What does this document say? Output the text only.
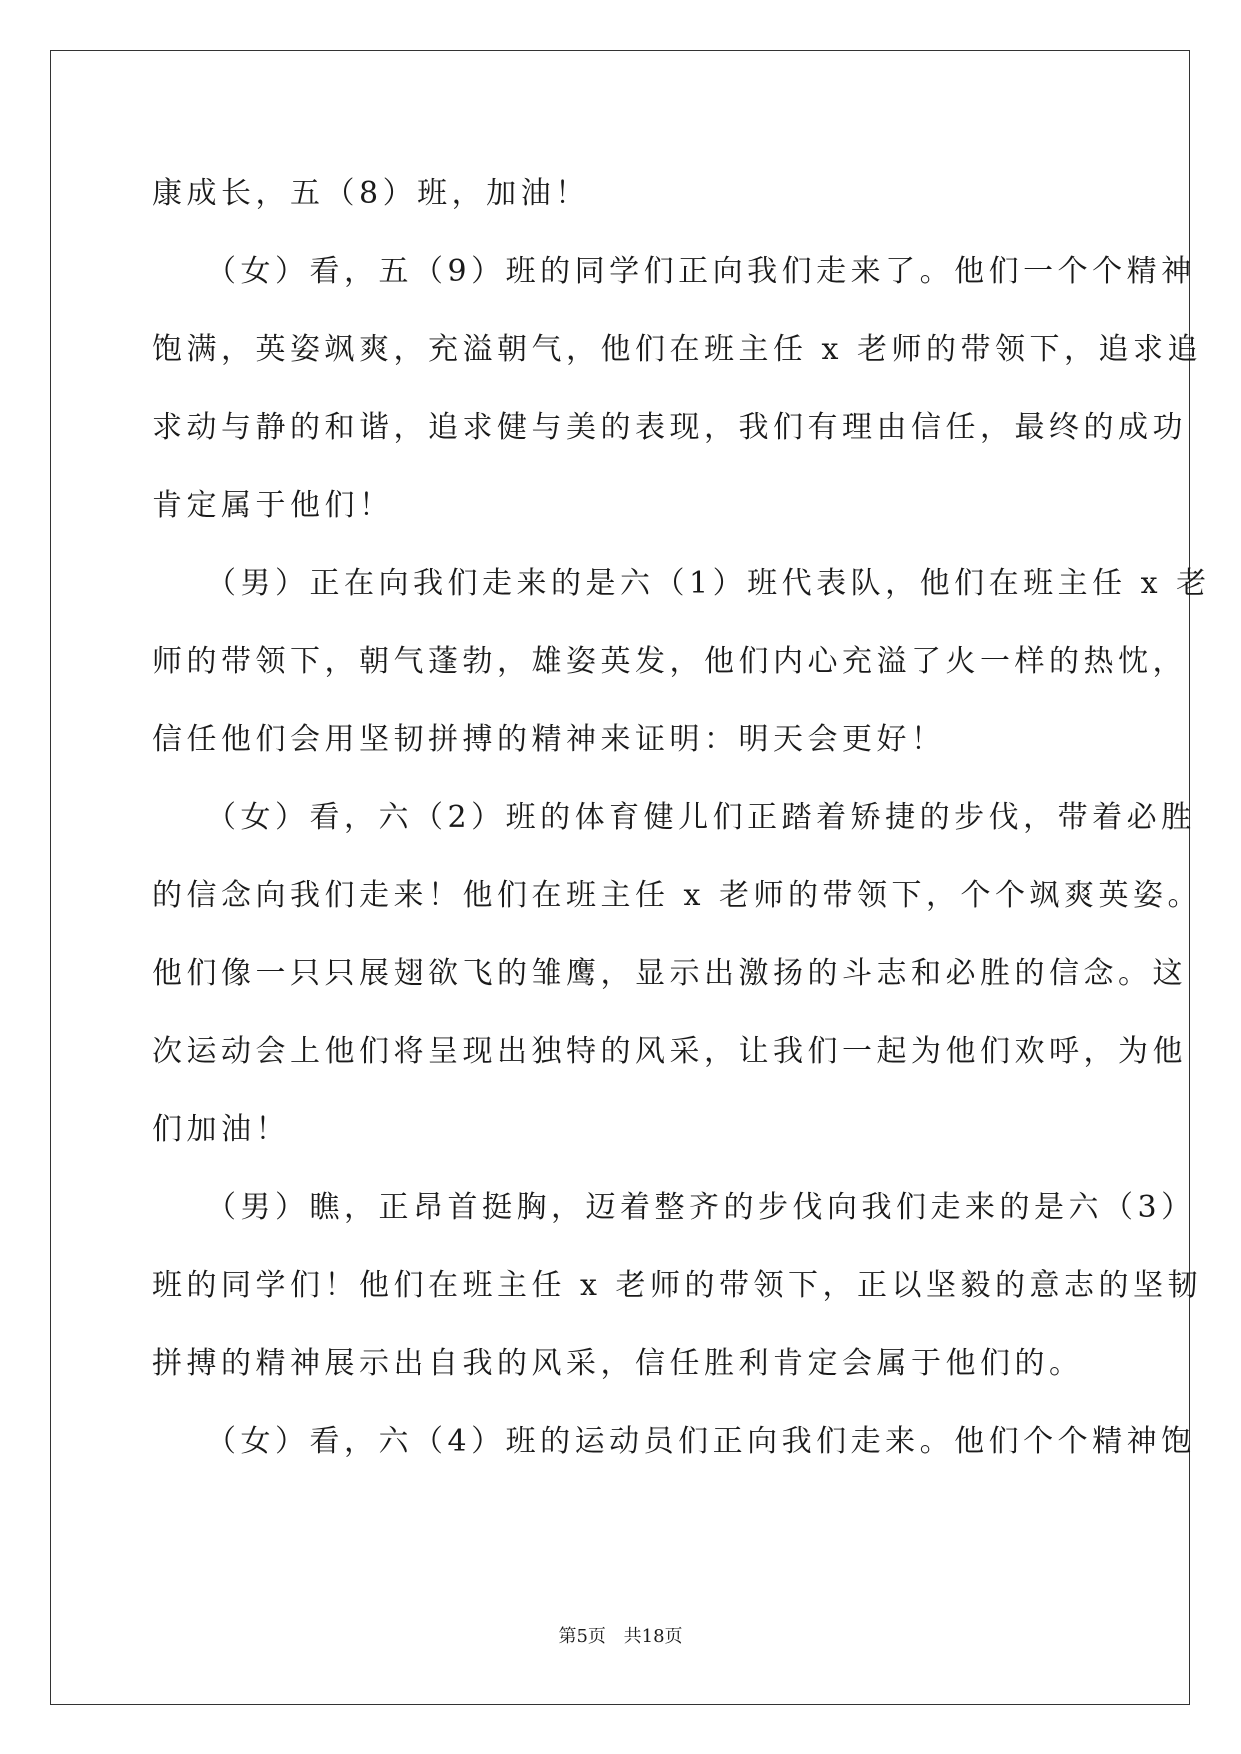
康成长，五（8）班，加油！

　　（女）看，五（9）班的同学们正向我们走来了。他们一个个精神

饱满，英姿飒爽，充溢朝气，他们在班主任 x 老师的带领下，追求追

求动与静的和谐，追求健与美的表现，我们有理由信任，最终的成功

肯定属于他们！

　　（男）正在向我们走来的是六（1）班代表队，他们在班主任 x 老

师的带领下，朝气蓬勃，雄姿英发，他们内心充溢了火一样的热忱，

信任他们会用坚韧拼搏的精神来证明：明天会更好！

　　（女）看，六（2）班的体育健儿们正踏着矫捷的步伐，带着必胜

的信念向我们走来！他们在班主任 x 老师的带领下，个个飒爽英姿。

他们像一只只展翅欲飞的雏鹰，显示出激扬的斗志和必胜的信念。这

次运动会上他们将呈现出独特的风采，让我们一起为他们欢呼，为他

们加油！

　　（男）瞧，正昂首挺胸，迈着整齐的步伐向我们走来的是六（3）

班的同学们！他们在班主任 x 老师的带领下，正以坚毅的意志的坚韧

拼搏的精神展示出自我的风采，信任胜利肯定会属于他们的。

　　（女）看，六（4）班的运动员们正向我们走来。他们个个精神饱

第5页 共18页
